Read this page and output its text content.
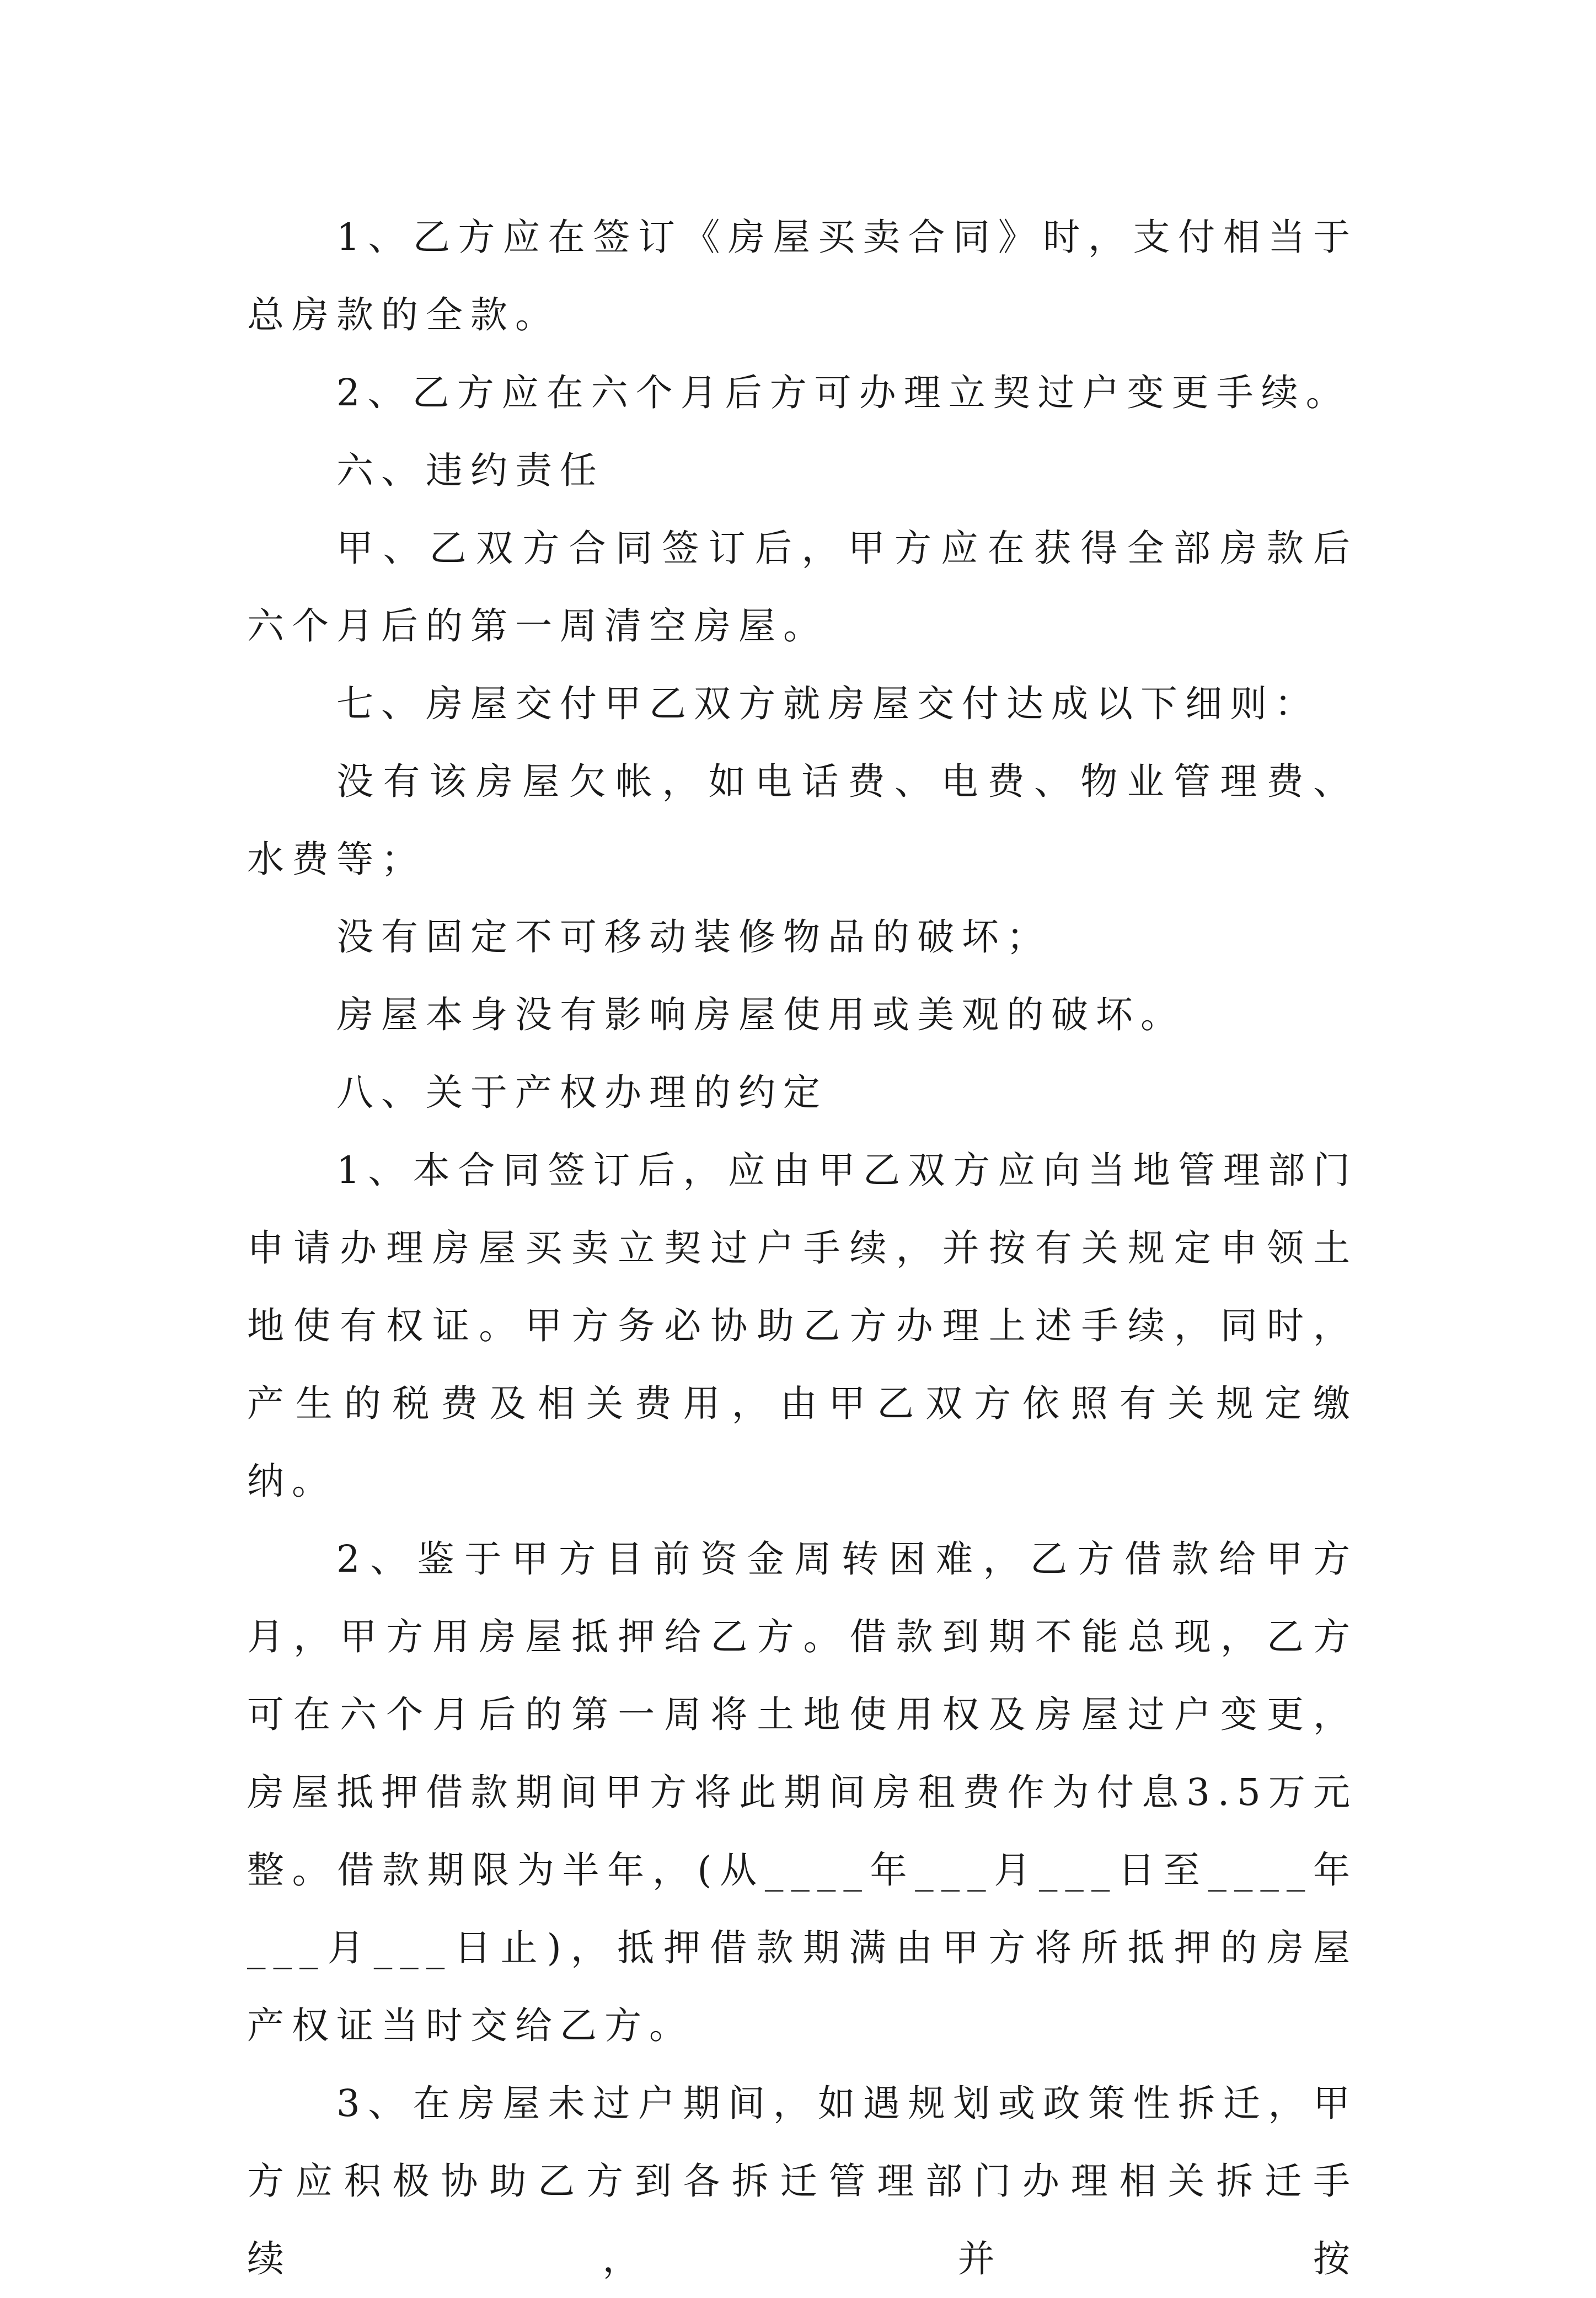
1、乙方应在签订《房屋买卖合同》时，支付相当于总房款的全款。

2、乙方应在六个月后方可办理立契过户变更手续。

六、违约责任

甲、乙双方合同签订后，甲方应在获得全部房款后六个月后的第一周清空房屋。

七、房屋交付甲乙双方就房屋交付达成以下细则：

没有该房屋欠帐，如电话费、电费、物业管理费、水费等；

没有固定不可移动装修物品的破坏；

房屋本身没有影响房屋使用或美观的破坏。

八、关于产权办理的约定

1、本合同签订后，应由甲乙双方应向当地管理部门申请办理房屋买卖立契过户手续，并按有关规定申领土地使有权证。甲方务必协助乙方办理上述手续，同时，产生的税费及相关费用，由甲乙双方依照有关规定缴纳。

2、鉴于甲方目前资金周转困难，乙方借款给甲方月，甲方用房屋抵押给乙方。借款到期不能总现，乙方可在六个月后的第一周将土地使用权及房屋过户变更，房屋抵押借款期间甲方将此期间房租费作为付息3.5万元整。借款期限为半年，(从____年___月___日至____年___月___日止)，抵押借款期满由甲方将所抵押的房屋产权证当时交给乙方。

3、在房屋未过户期间，如遇规划或政策性拆迁，甲方应积极协助乙方到各拆迁管理部门办理相关拆迁手续，并按
